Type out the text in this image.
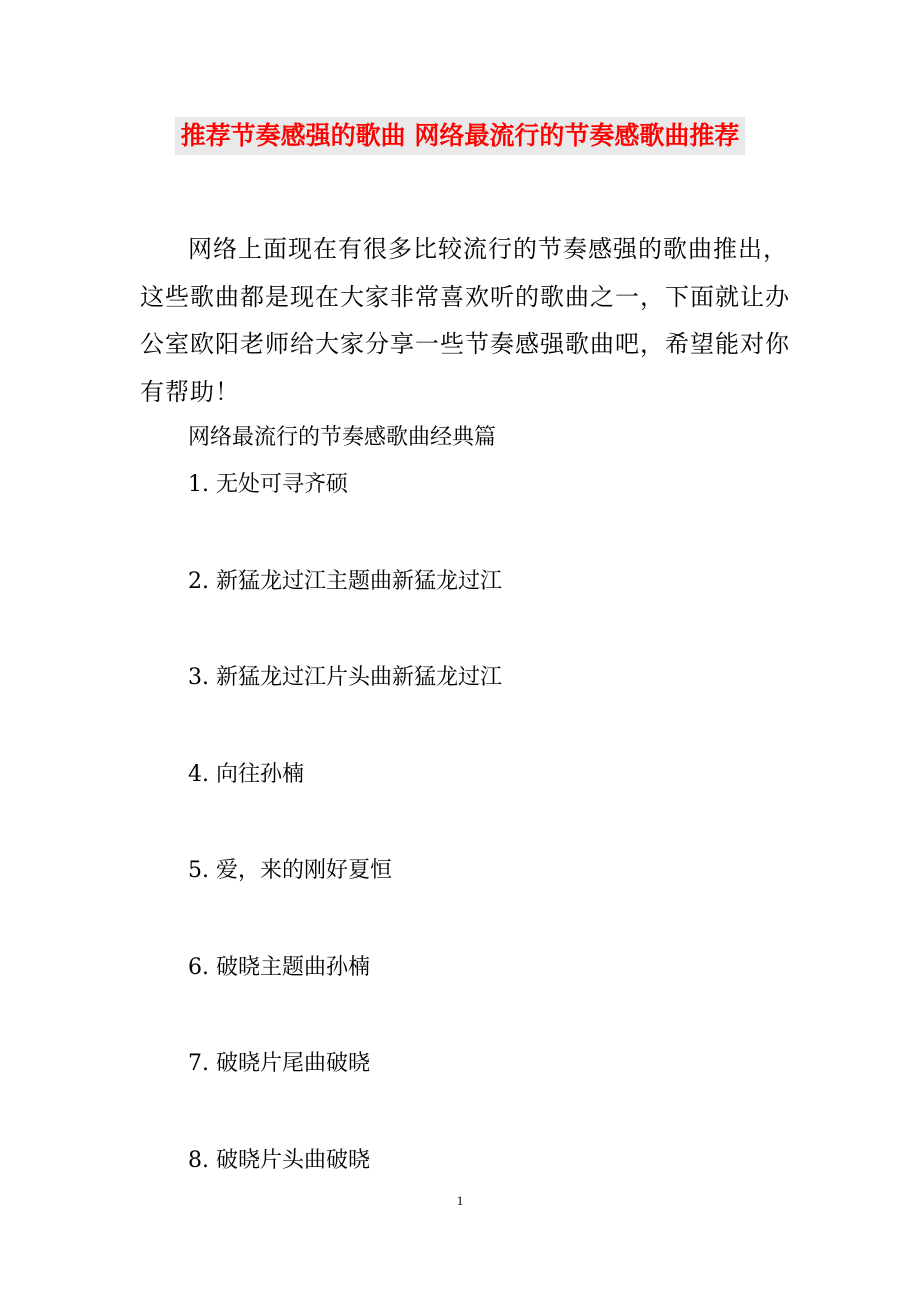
推荐节奏感强的歌曲 网络最流行的节奏感歌曲推荐

网络上面现在有很多比较流行的节奏感强的歌曲推出，这些歌曲都是现在大家非常喜欢听的歌曲之一，下面就让办公室欧阳老师给大家分享一些节奏感强歌曲吧，希望能对你有帮助！

网络最流行的节奏感歌曲经典篇

1. 无处可寻齐硕
2. 新猛龙过江主题曲新猛龙过江
3. 新猛龙过江片头曲新猛龙过江
4. 向往孙楠
5. 爱，来的刚好夏恒
6. 破晓主题曲孙楠
7. 破晓片尾曲破晓
8. 破晓片头曲破晓
1
